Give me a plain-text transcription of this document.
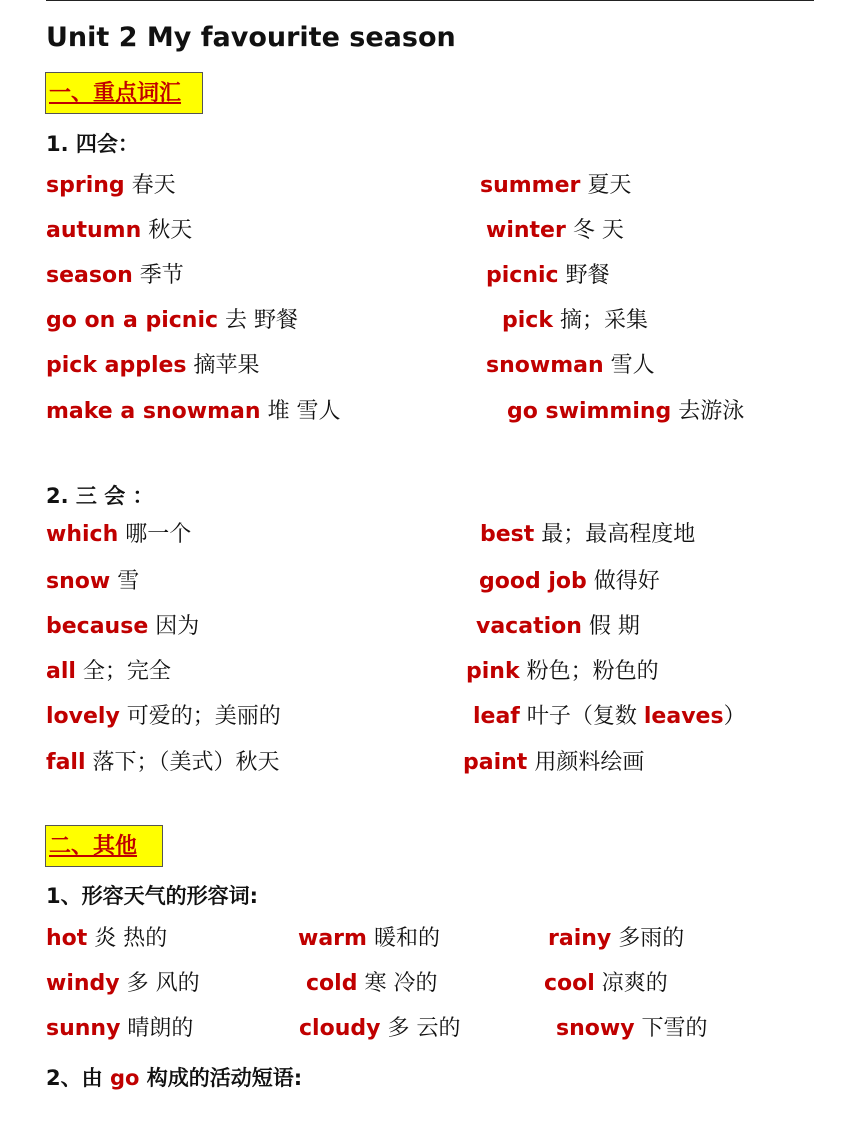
Unit 2 My favourite season
一、重点词汇
1. 四会：
spring 春天	summer 夏天
autumn 秋天	winter 冬 天
season 季节	picnic 野餐
go on a picnic 去 野餐	pick 摘；采集
pick apples 摘苹果	snowman 雪人
make a snowman 堆 雪人	go swimming 去游泳
2. 三 会 ：
which 哪一个	best 最；最高程度地
snow 雪	good job 做得好
because 因为	vacation 假 期
all 全；完全	pink 粉色；粉色的
lovely 可爱的；美丽的	leaf 叶子（复数 leaves）
fall 落下；（美式）秋天	paint 用颜料绘画
二、其他
1、形容天气的形容词:
hot 炎 热的	warm 暖和的	rainy 多雨的
windy 多 风的	cold 寒 冷的	cool 凉爽的
sunny 晴朗的	cloudy 多 云的	snowy 下雪的
2、由 go 构成的活动短语:
